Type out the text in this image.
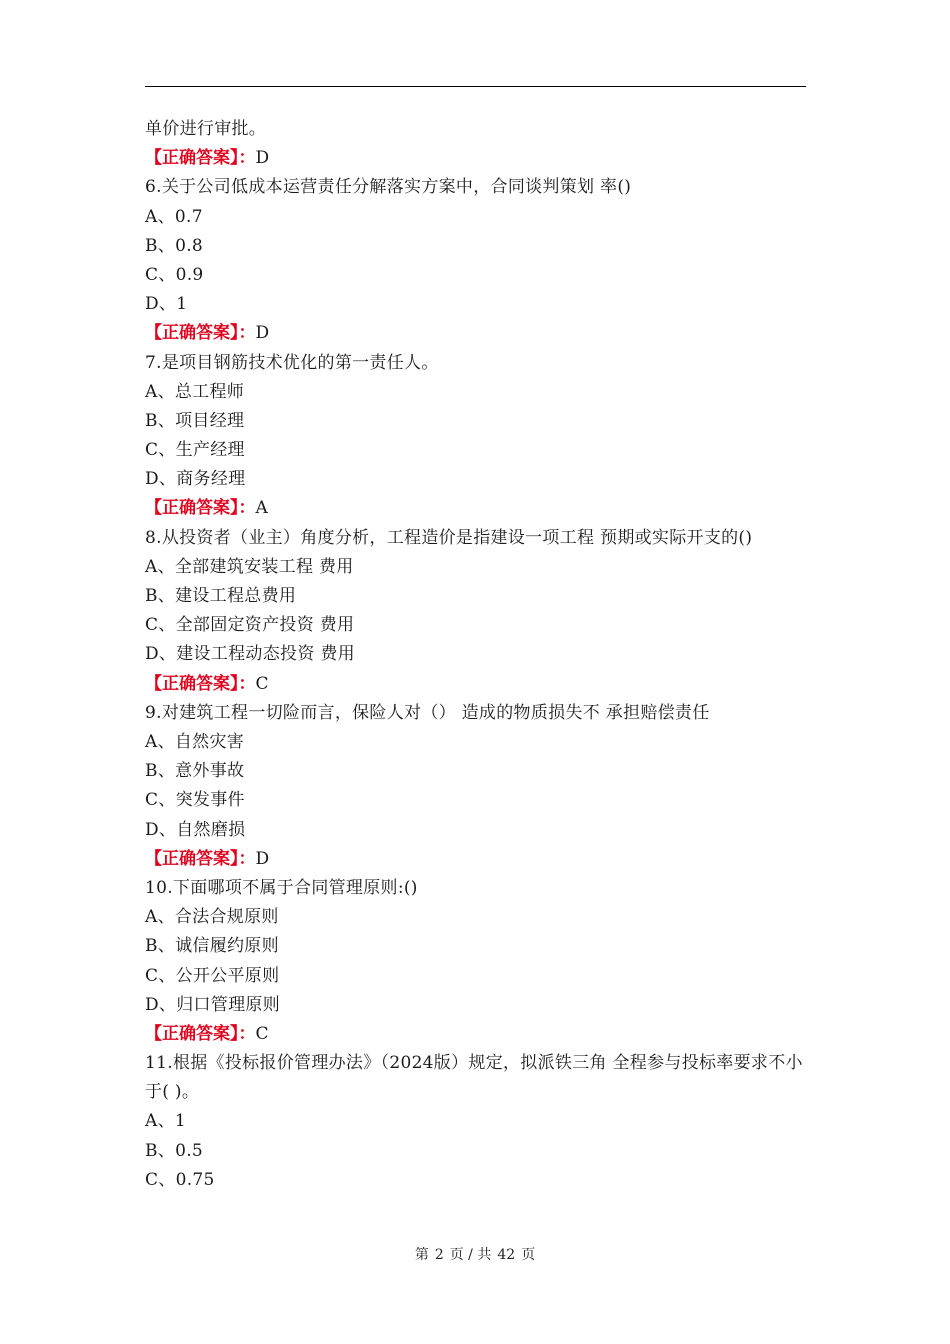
单价进行审批。
【正确答案】：D
6.关于公司低成本运营责任分解落实方案中，合同谈判策划 率()
A、0.7
B、0.8
C、0.9
D、1
【正确答案】：D
7.是项目钢筋技术优化的第一责任人。
A、总工程师
B、项目经理
C、生产经理
D、商务经理
【正确答案】：A
8.从投资者（业主）角度分析，工程造价是指建设一项工程 预期或实际开支的()
A、全部建筑安装工程 费用
B、建设工程总费用
C、全部固定资产投资 费用
D、建设工程动态投资 费用
【正确答案】：C
9.对建筑工程一切险而言，保险人对（） 造成的物质损失不 承担赔偿责任
A、自然灾害
B、意外事故
C、突发事件
D、自然磨损
【正确答案】：D
10.下面哪项不属于合同管理原则:()
A、合法合规原则
B、诚信履约原则
C、公开公平原则
D、归口管理原则
【正确答案】：C
11.根据《投标报价管理办法》（2024版）规定，拟派铁三角 全程参与投标率要求不小于( )。
A、1
B、0.5
C、0.75
第 2 页 / 共 42 页
